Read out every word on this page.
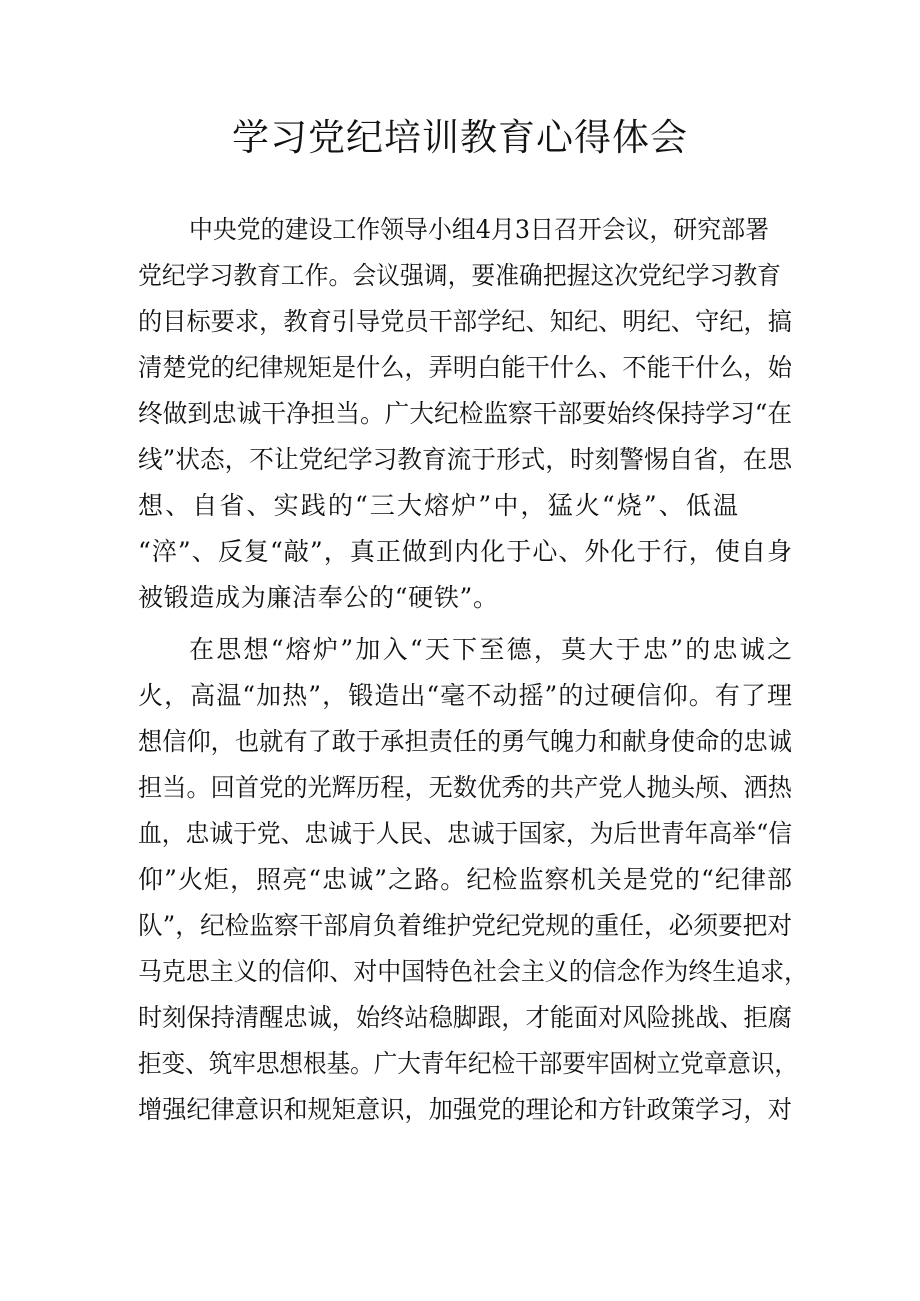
学习党纪培训教育心得体会
中央党的建设工作领导小组4月3日召开会议，研究部署
党纪学习教育工作。会议强调，要准确把握这次党纪学习教育
的目标要求，教育引导党员干部学纪、知纪、明纪、守纪，搞
清楚党的纪律规矩是什么，弄明白能干什么、不能干什么，始
终做到忠诚干净担当。广大纪检监察干部要始终保持学习“在
线”状态，不让党纪学习教育流于形式，时刻警惕自省，在思
想、自省、实践的“三大熔炉”中，猛火“烧”、低温
“淬”、反复“敲”，真正做到内化于心、外化于行，使自身
被锻造成为廉洁奉公的“硬铁”。
在思想“熔炉”加入“天下至德，莫大于忠”的忠诚之
火，高温“加热”，锻造出“毫不动摇”的过硬信仰。有了理
想信仰，也就有了敢于承担责任的勇气魄力和献身使命的忠诚
担当。回首党的光辉历程，无数优秀的共产党人抛头颅、洒热
血，忠诚于党、忠诚于人民、忠诚于国家，为后世青年高举“信
仰”火炬，照亮“忠诚”之路。纪检监察机关是党的“纪律部
队”，纪检监察干部肩负着维护党纪党规的重任，必须要把对
马克思主义的信仰、对中国特色社会主义的信念作为终生追求，
时刻保持清醒忠诚，始终站稳脚跟，才能面对风险挑战、拒腐
拒变、筑牢思想根基。广大青年纪检干部要牢固树立党章意识，
增强纪律意识和规矩意识，加强党的理论和方针政策学习，对
